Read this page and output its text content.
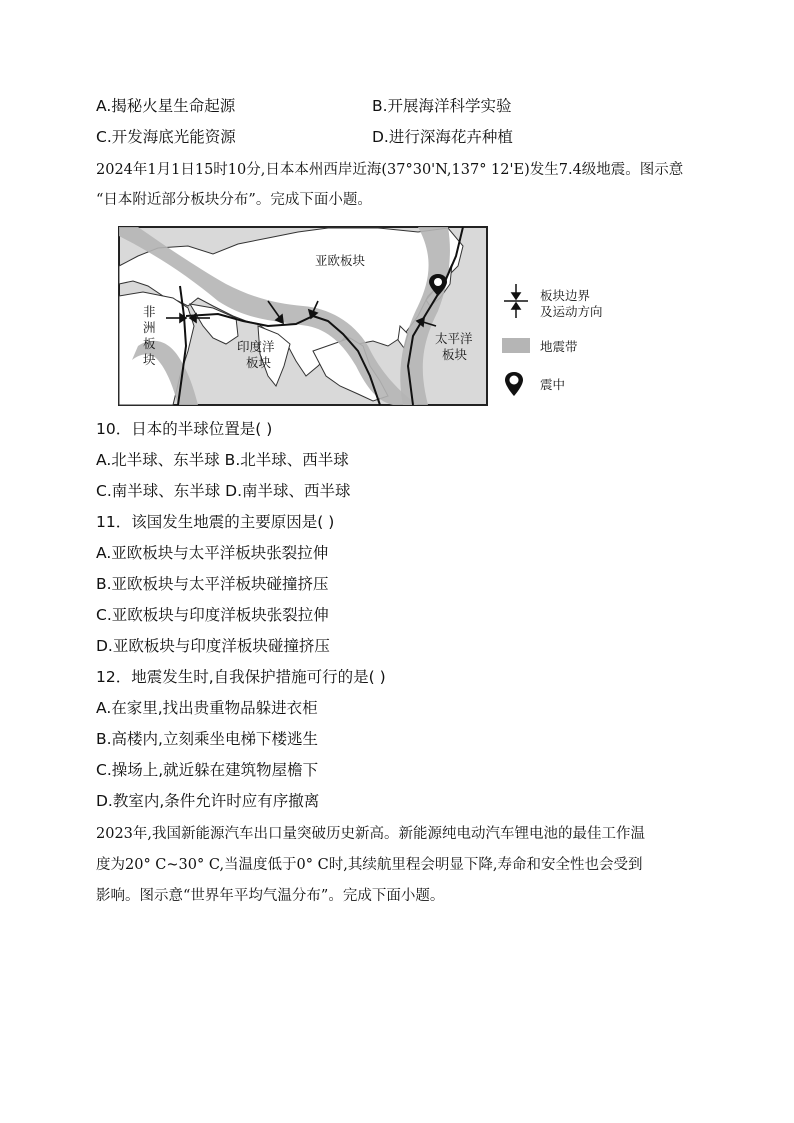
A.揭秘火星生命起源	B.开展海洋科学实验
C.开发海底光能资源	D.进行深海花卉种植
2024年1月1日15时10分,日本本州西岸近海(37°30'N,137° 12'E)发生7.4级地震。图示意
“日本附近部分板块分布”。完成下面小题。
亚欧板块
非
洲
板
块
印度洋
板块
太平洋
板块
板块边界
及运动方向
地震带
震中
10．日本的半球位置是( )
A.北半球、东半球 B.北半球、西半球
C.南半球、东半球 D.南半球、西半球
11．该国发生地震的主要原因是( )
A.亚欧板块与太平洋板块张裂拉伸
B.亚欧板块与太平洋板块碰撞挤压
C.亚欧板块与印度洋板块张裂拉伸
D.亚欧板块与印度洋板块碰撞挤压
12．地震发生时,自我保护措施可行的是( )
A.在家里,找出贵重物品躲进衣柜
B.高楼内,立刻乘坐电梯下楼逃生
C.操场上,就近躲在建筑物屋檐下
D.教室内,条件允许时应有序撤离
2023年,我国新能源汽车出口量突破历史新高。新能源纯电动汽车锂电池的最佳工作温
度为20° C~30° C,当温度低于0° C时,其续航里程会明显下降,寿命和安全性也会受到
影响。图示意“世界年平均气温分布”。完成下面小题。
